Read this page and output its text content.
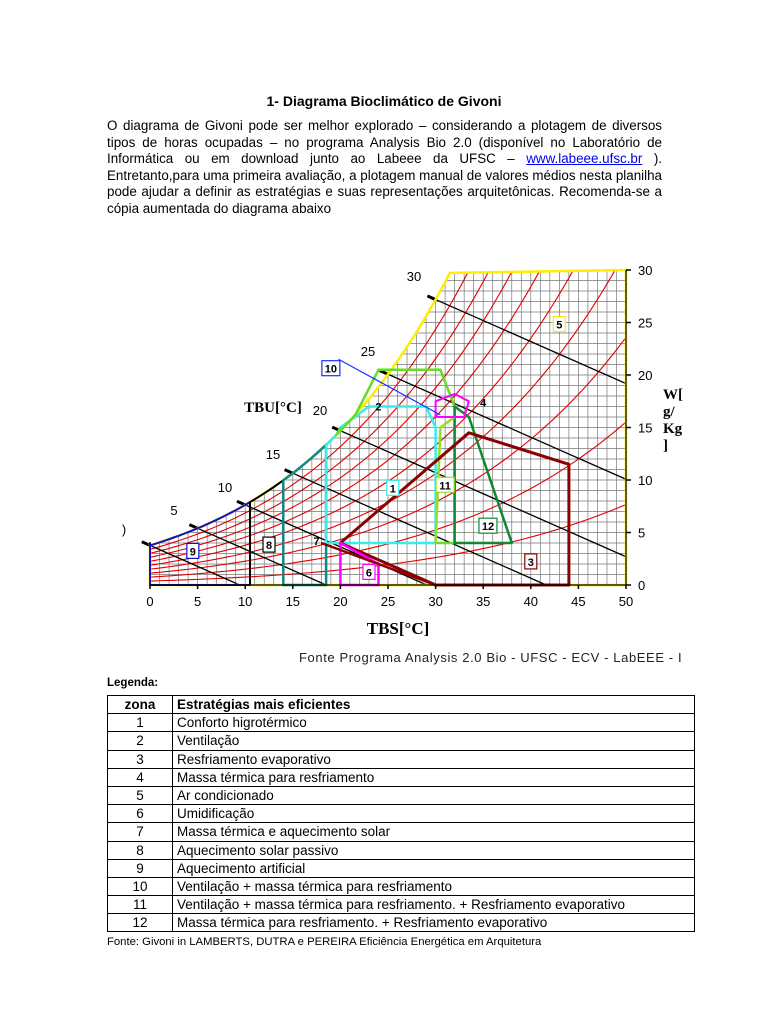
1- Diagrama Bioclimático de Givoni

O diagrama de Givoni pode ser melhor explorado – considerando a plotagem de diversos tipos de horas ocupadas – no programa Analysis Bio 2.0 (disponível no Laboratório de Informática ou em download junto ao Labeee da UFSC – www.labeee.ufsc.br ). Entretanto,para uma primeira avaliação, a plotagem manual de valores médios nesta planilha pode ajudar a definir as estratégias e suas representações arquitetônicas. Recomenda-se a cópia aumentada do diagrama abaixo

0	5	10	15	20	25	30	35	40	45	50
0
5
10
15
20
25
30
)
5
10
15
20
25
30
TBS[°C]
TBU[°C]
W[
g/
Kg
]
1
2
3
4
5
6
7
8
9
10
11
12
Fonte Programa Analysis 2.0 Bio - UFSC - ECV - LabEEE - I
Legenda:
zona	Estratégias mais eficientes
1	Conforto higrotérmico
2	Ventilação
3	Resfriamento evaporativo
4	Massa térmica para resfriamento
5	Ar condicionado
6	Umidificação
7	Massa térmica e aquecimento solar
8	Aquecimento solar passivo
9	Aquecimento artificial
10	Ventilação + massa térmica para resfriamento
11	Ventilação + massa térmica para resfriamento. + Resfriamento evaporativo
12	Massa térmica para resfriamento. + Resfriamento evaporativo
Fonte: Givoni in LAMBERTS, DUTRA e PEREIRA Eficiência Energética em Arquitetura
